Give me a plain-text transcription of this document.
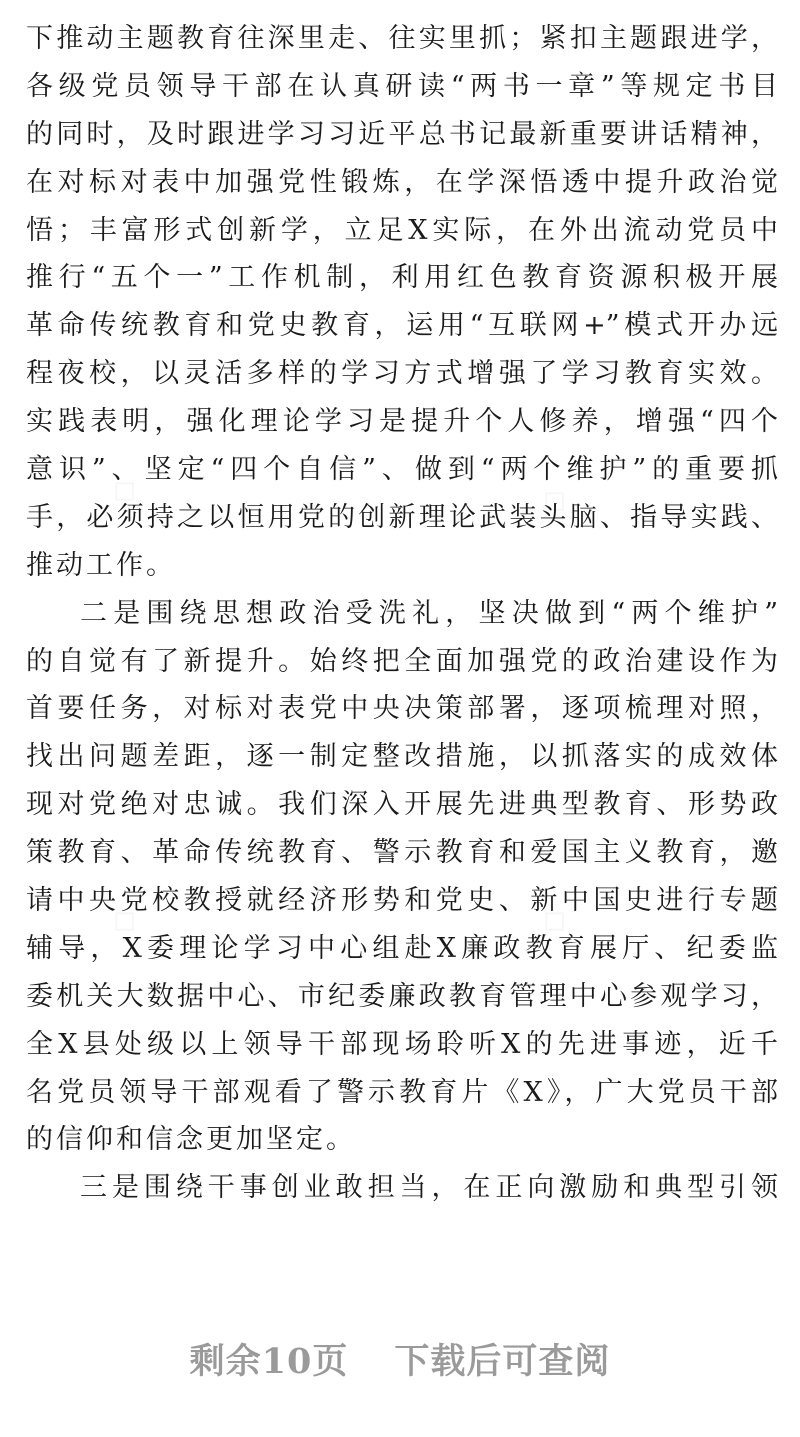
下推动主题教育往深里走、往实里抓；紧扣主题跟进学，
各级党员领导干部在认真研读“两书一章”等规定书目
的同时，及时跟进学习习近平总书记最新重要讲话精神，
在对标对表中加强党性锻炼，在学深悟透中提升政治觉
悟；丰富形式创新学，立足X实际，在外出流动党员中
推行“五个一”工作机制，利用红色教育资源积极开展
革命传统教育和党史教育，运用“互联网+”模式开办远
程夜校，以灵活多样的学习方式增强了学习教育实效。
实践表明，强化理论学习是提升个人修养，增强“四个
意识”、坚定“四个自信”、做到“两个维护”的重要抓
手，必须持之以恒用党的创新理论武装头脑、指导实践、
推动工作。
二是围绕思想政治受洗礼，坚决做到“两个维护”
的自觉有了新提升。始终把全面加强党的政治建设作为
首要任务，对标对表党中央决策部署，逐项梳理对照，
找出问题差距，逐一制定整改措施，以抓落实的成效体
现对党绝对忠诚。我们深入开展先进典型教育、形势政
策教育、革命传统教育、警示教育和爱国主义教育，邀
请中央党校教授就经济形势和党史、新中国史进行专题
辅导，X委理论学习中心组赴X廉政教育展厅、纪委监
委机关大数据中心、市纪委廉政教育管理中心参观学习，
全X县处级以上领导干部现场聆听X的先进事迹，近千
名党员领导干部观看了警示教育片《X》，广大党员干部
的信仰和信念更加坚定。
三是围绕干事创业敢担当，在正向激励和典型引领
剩余10页 下载后可查阅
